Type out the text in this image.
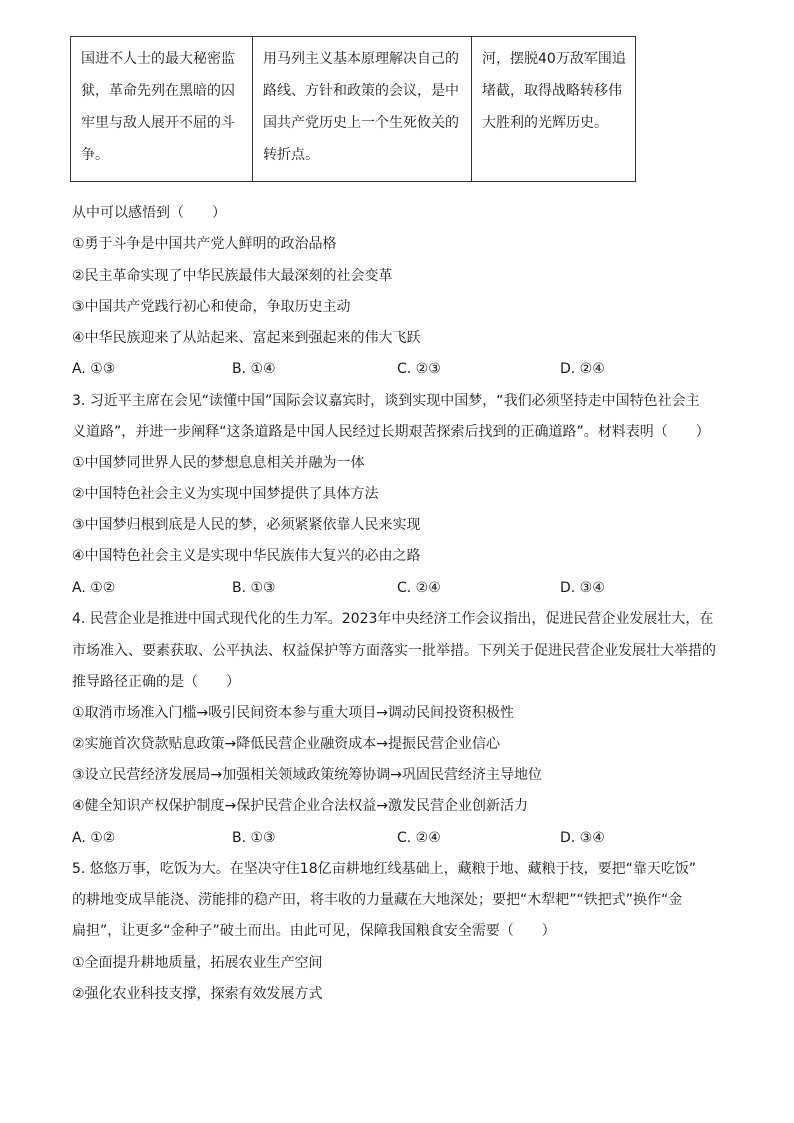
国进不人士的最大秘密监狱，革命先列在黑暗的囚牢里与敌人展开不屈的斗争。	用马列主义基本原理解决自己的路线、方针和政策的会议，是中国共产党历史上一个生死攸关的转折点。	河，摆脱40万敌军围追堵截，取得战略转移伟大胜利的光辉历史。
从中可以感悟到（　　）
①勇于斗争是中国共产党人鲜明的政治品格
②民主革命实现了中华民族最伟大最深刻的社会变革
③中国共产党践行初心和使命，争取历史主动
④中华民族迎来了从站起来、富起来到强起来的伟大飞跃
A. ①③	B. ①④	C. ②③	D. ②④
3. 习近平主席在会见“读懂中国”国际会议嘉宾时，谈到实现中国梦，“我们必须坚持走中国特色社会主
义道路”，并进一步阐释“这条道路是中国人民经过长期艰苦探索后找到的正确道路”。材料表明（　　）
①中国梦同世界人民的梦想息息相关并融为一体
②中国特色社会主义为实现中国梦提供了具体方法
③中国梦归根到底是人民的梦，必须紧紧依靠人民来实现
④中国特色社会主义是实现中华民族伟大复兴的必由之路
A. ①②	B. ①③	C. ②④	D. ③④
4. 民营企业是推进中国式现代化的生力军。2023年中央经济工作会议指出，促进民营企业发展壮大，在
市场准入、要素获取、公平执法、权益保护等方面落实一批举措。下列关于促进民营企业发展壮大举措的
推导路径正确的是（　　）
①取消市场准入门槛→吸引民间资本参与重大项目→调动民间投资积极性
②实施首次贷款贴息政策→降低民营企业融资成本→提振民营企业信心
③设立民营经济发展局→加强相关领域政策统筹协调→巩固民营经济主导地位
④健全知识产权保护制度→保护民营企业合法权益→激发民营企业创新活力
A. ①②	B. ①③	C. ②④	D. ③④
5. 悠悠万事，吃饭为大。在坚决守住18亿亩耕地红线基础上，藏粮于地、藏粮于技，要把“靠天吃饭”
的耕地变成旱能浇、涝能排的稳产田，将丰收的力量藏在大地深处；要把“木犁耙”“铁把式”换作“金
扁担”，让更多“金种子”破土而出。由此可见，保障我国粮食安全需要（　　）
①全面提升耕地质量，拓展农业生产空间
②强化农业科技支撑，探索有效发展方式
